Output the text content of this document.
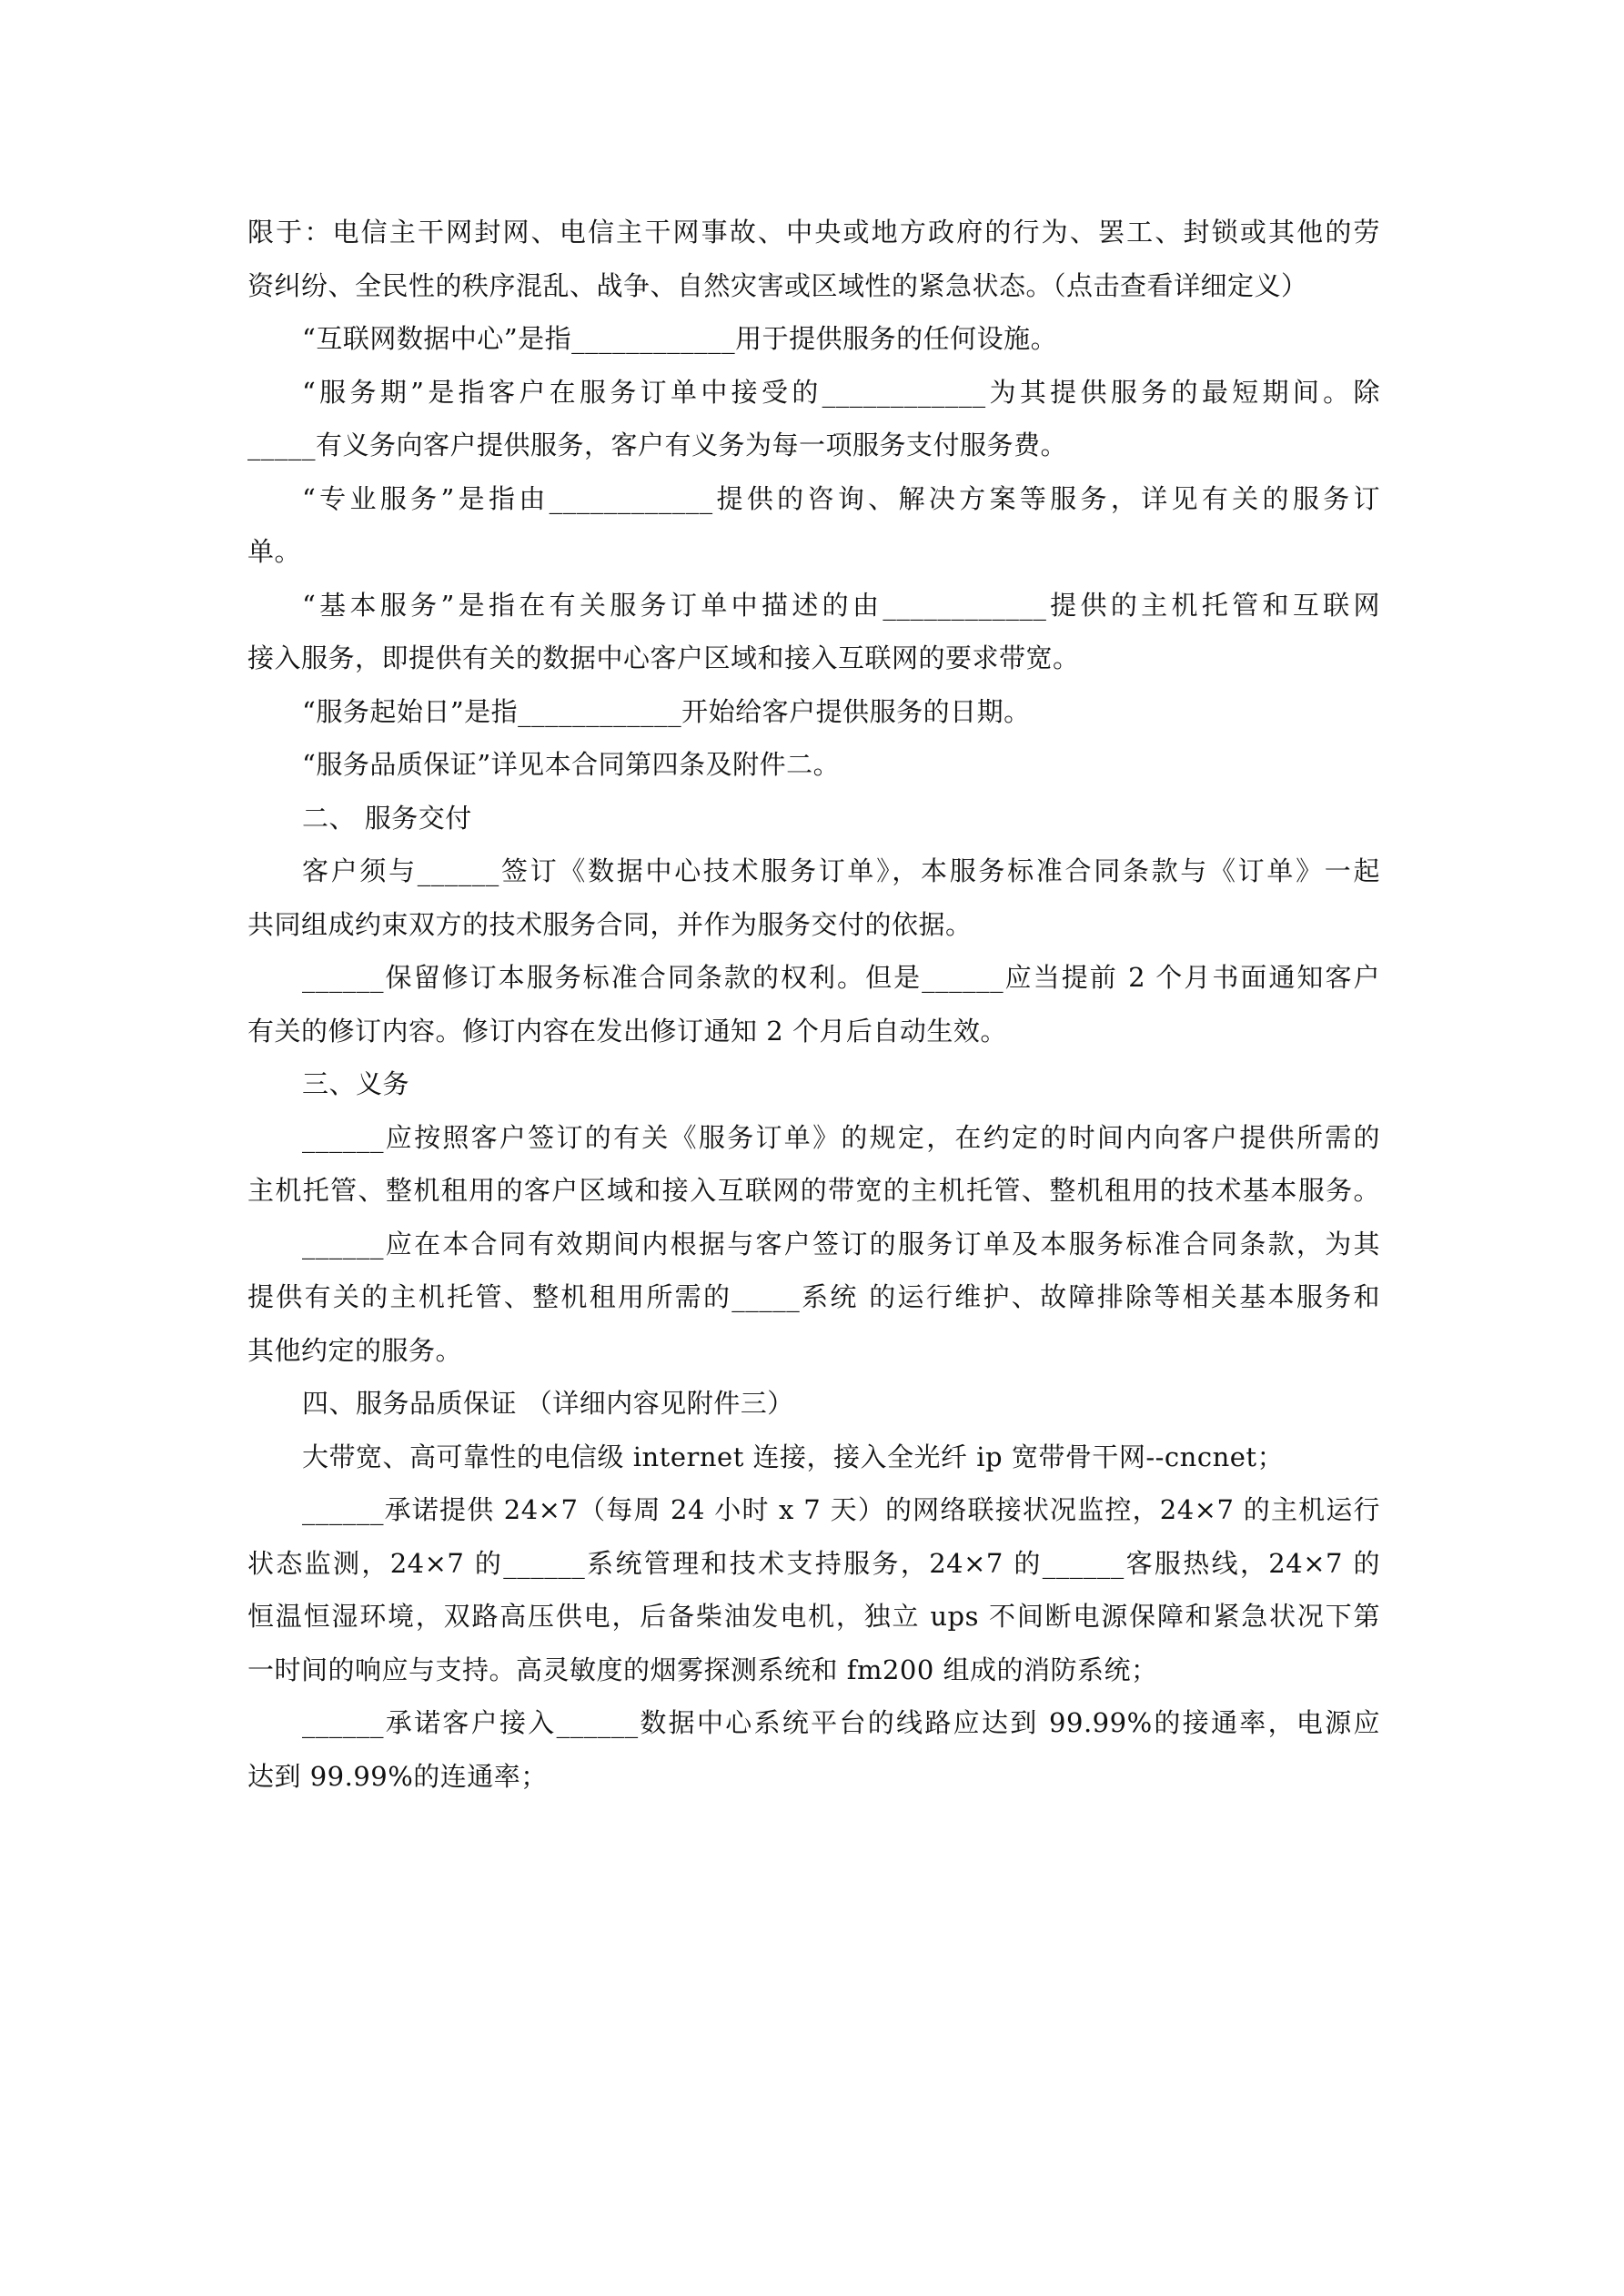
限于：电信主干网封网、电信主干网事故、中央或地方政府的行为、罢工、封锁或其他的劳
资纠纷、全民性的秩序混乱、战争、自然灾害或区域性的紧急状态。（点击查看详细定义）
“互联网数据中心”是指____________用于提供服务的任何设施。
“服务期”是指客户在服务订单中接受的____________为其提供服务的最短期间。除
_____有义务向客户提供服务，客户有义务为每一项服务支付服务费。
“专业服务”是指由____________提供的咨询、解决方案等服务，详见有关的服务订
单。
“基本服务”是指在有关服务订单中描述的由____________提供的主机托管和互联网
接入服务，即提供有关的数据中心客户区域和接入互联网的要求带宽。
“服务起始日”是指____________开始给客户提供服务的日期。
“服务品质保证”详见本合同第四条及附件二。
二、 服务交付
客户须与______签订《数据中心技术服务订单》，本服务标准合同条款与《订单》一起
共同组成约束双方的技术服务合同，并作为服务交付的依据。
______保留修订本服务标准合同条款的权利。但是______应当提前 2 个月书面通知客户
有关的修订内容。修订内容在发出修订通知 2 个月后自动生效。
三、义务
______应按照客户签订的有关《服务订单》的规定，在约定的时间内向客户提供所需的
主机托管、整机租用的客户区域和接入互联网的带宽的主机托管、整机租用的技术基本服务。
______应在本合同有效期间内根据与客户签订的服务订单及本服务标准合同条款，为其
提供有关的主机托管、整机租用所需的_____系统 的运行维护、故障排除等相关基本服务和
其他约定的服务。
四、服务品质保证 （详细内容见附件三）
大带宽、高可靠性的电信级 internet 连接，接入全光纤 ip 宽带骨干网--cncnet；
______承诺提供 24×7（每周 24 小时 x 7 天）的网络联接状况监控，24×7 的主机运行
状态监测，24×7 的______系统管理和技术支持服务，24×7 的______客服热线，24×7 的
恒温恒湿环境，双路高压供电，后备柴油发电机，独立 ups 不间断电源保障和紧急状况下第
一时间的响应与支持。高灵敏度的烟雾探测系统和 fm200 组成的消防系统；
______承诺客户接入______数据中心系统平台的线路应达到 99.99%的接通率，电源应
达到 99.99%的连通率；
